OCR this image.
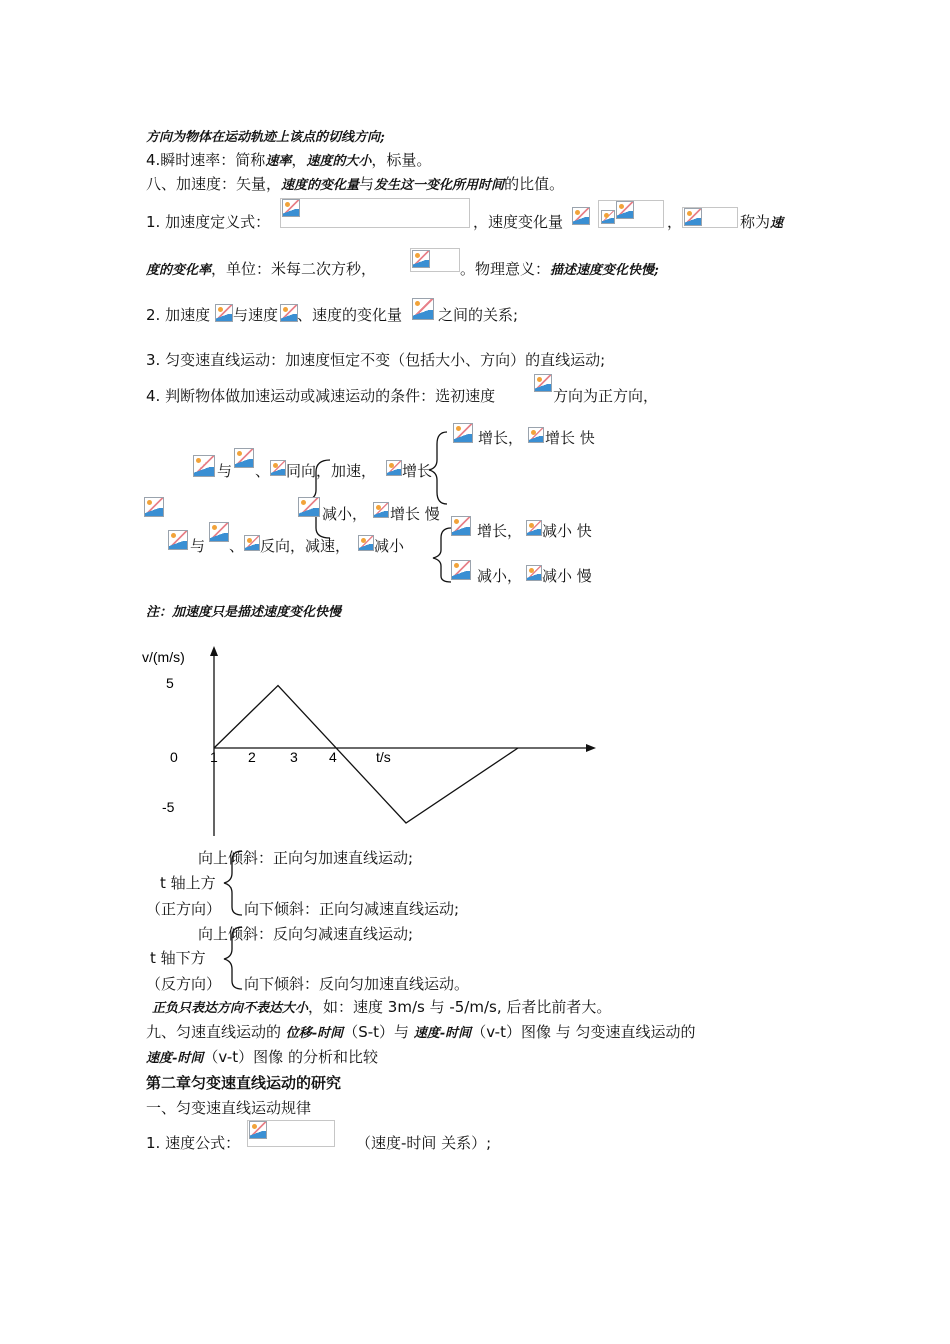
方向为物体在运动轨迹上该点的切线方向;
4.瞬时速率：简称速率，速度的大小，标量。
八、加速度：矢量，速度的变化量与发生这一变化所用时间的比值。
1. 加速度定义式：	，速度变化量	，	称为速
度的变化率，单位：米每二次方秒，	。物理意义：描述速度变化快慢;
2. 加速度 与速度 、速度的变化量 之间的关系;
3. 匀变速直线运动：加速度恒定不变（包括大小、方向）的直线运动;
4. 判断物体做加速运动或减速运动的条件：选初速度	方向为正方向，
与 、 同向，加速， 增长
增长， 增长 快
减小， 增长 慢
与 、 反向，减速， 减小
增长， 减小 快
减小， 减小 慢
注：加速度只是描述速度变化快慢
v/(m/s)
1 2 3 4
5
0
-5
t/s
向上倾斜：正向匀加速直线运动;
t 轴上方
（正方向） 向下倾斜：正向匀减速直线运动;
向上倾斜：反向匀减速直线运动;
t 轴下方
（反方向） 向下倾斜：反向匀加速直线运动。
正负只表达方向不表达大小，如：速度 3m/s 与 -5/m/s, 后者比前者大。
九、匀速直线运动的 位移-时间（S-t）与 速度-时间（v-t）图像 与 匀变速直线运动的
速度-时间（v-t）图像 的分析和比较
第二章匀变速直线运动的研究
一、匀变速直线运动规律
1. 速度公式：	（速度-时间 关系）;
